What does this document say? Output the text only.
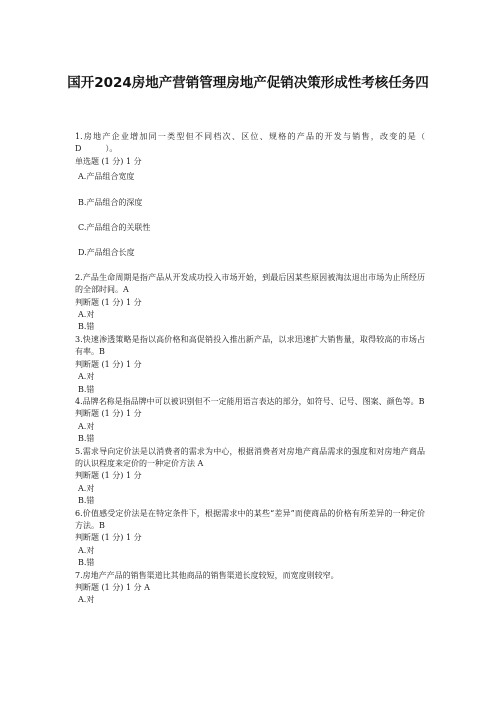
国开2024房地产营销管理房地产促销决策形成性考核任务四
1.房地产企业增加同一类型但不同档次、区位、规格的产品的开发与销售，改变的是（　　D　　　）。
单选题 (1 分) 1 分
A.产品组合宽度
B.产品组合的深度
C.产品组合的关联性
D.产品组合长度
2.产品生命周期是指产品从开发成功投入市场开始，到最后因某些原因被淘汰退出市场为止所经历的全部时间。A
判断题 (1 分) 1 分
A.对
B.错
3.快速渗透策略是指以高价格和高促销投入推出新产品，以求迅速扩大销售量，取得较高的市场占有率。B
判断题 (1 分) 1 分
A.对
B.错
4.品牌名称是指品牌中可以被识别但不一定能用语言表达的部分，如符号、记号、图案、颜色等。B
判断题 (1 分) 1 分
A.对
B.错
5.需求导向定价法是以消费者的需求为中心，根据消费者对房地产商品需求的强度和对房地产商品的认识程度来定价的一种定价方法 A
判断题 (1 分) 1 分
A.对
B.错
6.价值感受定价法是在特定条件下，根据需求中的某些“差异”而使商品的价格有所差异的一种定价方法。B
判断题 (1 分) 1 分
A.对
B.错
7.房地产产品的销售渠道比其他商品的销售渠道长度较短，而宽度则较窄。
判断题 (1 分) 1 分 A
A.对
